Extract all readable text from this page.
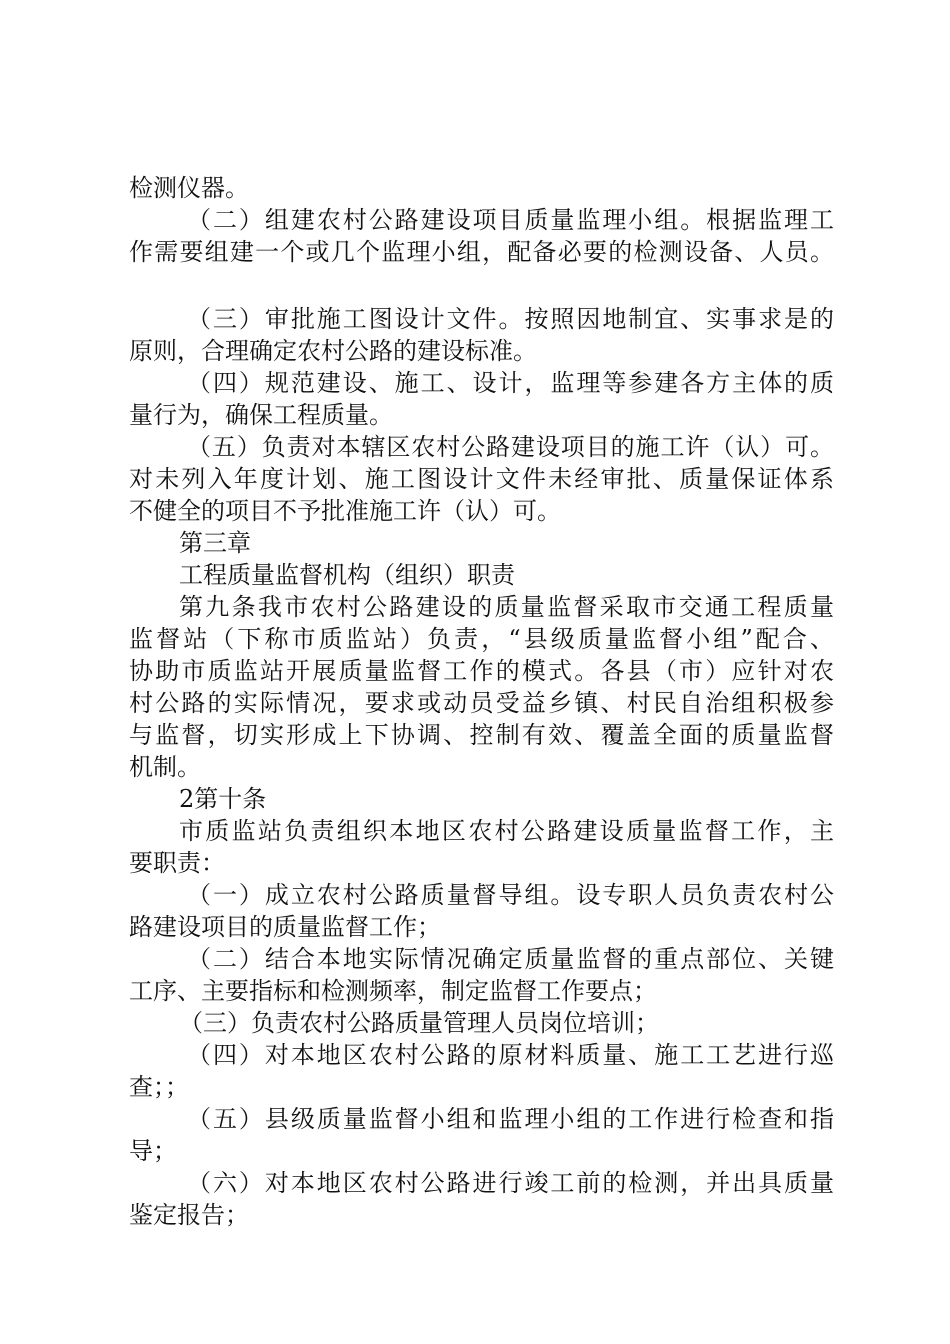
检测仪器。
（二）组建农村公路建设项目质量监理小组。根据监理工
作需要组建一个或几个监理小组，配备必要的检测设备、人员。
（三）审批施工图设计文件。按照因地制宜、实事求是的
原则，合理确定农村公路的建设标准。
（四）规范建设、施工、设计，监理等参建各方主体的质
量行为，确保工程质量。
（五）负责对本辖区农村公路建设项目的施工许（认）可。
对未列入年度计划、施工图设计文件未经审批、质量保证体系
不健全的项目不予批准施工许（认）可。
第三章
工程质量监督机构（组织）职责
第九条我市农村公路建设的质量监督采取市交通工程质量
监督站（下称市质监站）负责，“县级质量监督小组”配合、
协助市质监站开展质量监督工作的模式。各县（市）应针对农
村公路的实际情况，要求或动员受益乡镇、村民自治组积极参
与监督，切实形成上下协调、控制有效、覆盖全面的质量监督
机制。
2第十条
市质监站负责组织本地区农村公路建设质量监督工作，主
要职责：
（一）成立农村公路质量督导组。设专职人员负责农村公
路建设项目的质量监督工作；
（二）结合本地实际情况确定质量监督的重点部位、关键
工序、主要指标和检测频率，制定监督工作要点；
（三）负责农村公路质量管理人员岗位培训；
（四）对本地区农村公路的原材料质量、施工工艺进行巡
查；；
（五）县级质量监督小组和监理小组的工作进行检查和指
导；
（六）对本地区农村公路进行竣工前的检测，并出具质量
鉴定报告；
